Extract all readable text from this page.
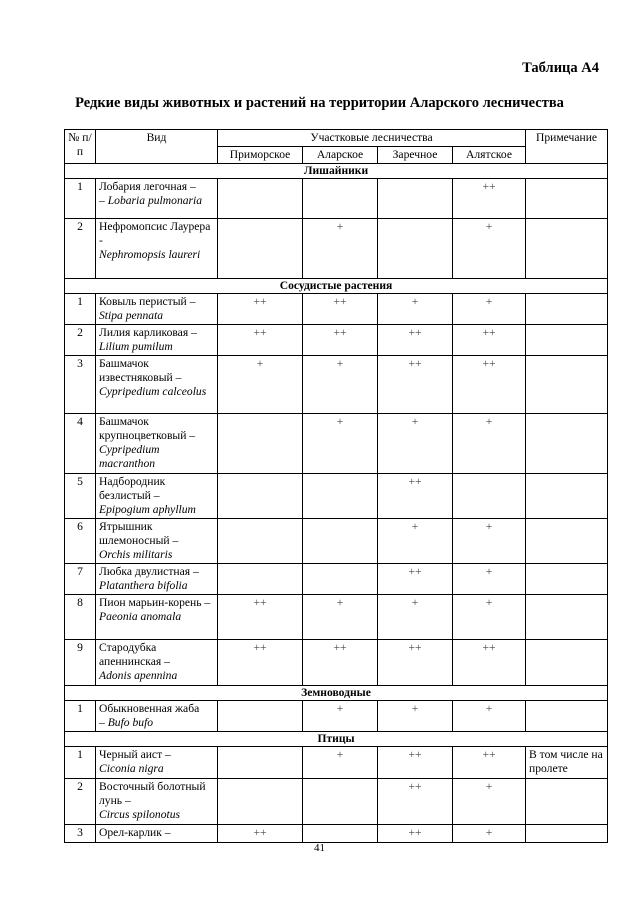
Таблица А4
Редкие виды животных и растений на территории Аларского лесничества
№ п/п	Вид	Участковые лесничества				Примечание
		Приморское	Аларское	Заречное	Алятское	
Лишайники						
1	Лобария легочная –
– Lobaria pulmonaria				++	
2	Нефромопсис Лаурера -
Nephromopsis laureri		+		+	
Сосудистые растения						
1	Ковыль перистый –
Stipa pennata	++	++	+	+	
2	Лилия карликовая –
Lilium pumilum	++	++	++	++	
3	Башмачок известняковый –
Cypripedium calceolus	+	+	++	++	
4	Башмачок крупноцветковый –
Cypripedium macranthon		+	+	+	
5	Надбородник безлистый –
Epipogium aphyllum			++		
6	Ятрышник шлемоносный –
Orchis militaris			+	+	
7	Любка двулистная –
Platanthera bifolia			++	+	
8	Пион марьин-корень –
Paeonia anomala	++	+	+	+	
9	Стародубка апеннинская –
Adonis apennina	++	++	++	++	
Земноводные						
1	Обыкновенная жаба
– Bufo bufo		+	+	+	
Птицы						
1	Черный аист –
Ciconia nigra		+	++	++	В том числе на пролете
2	Восточный болотный лунь –
Circus spilonotus			++	+	
3	Орел-карлик –	++		++	+	
41
